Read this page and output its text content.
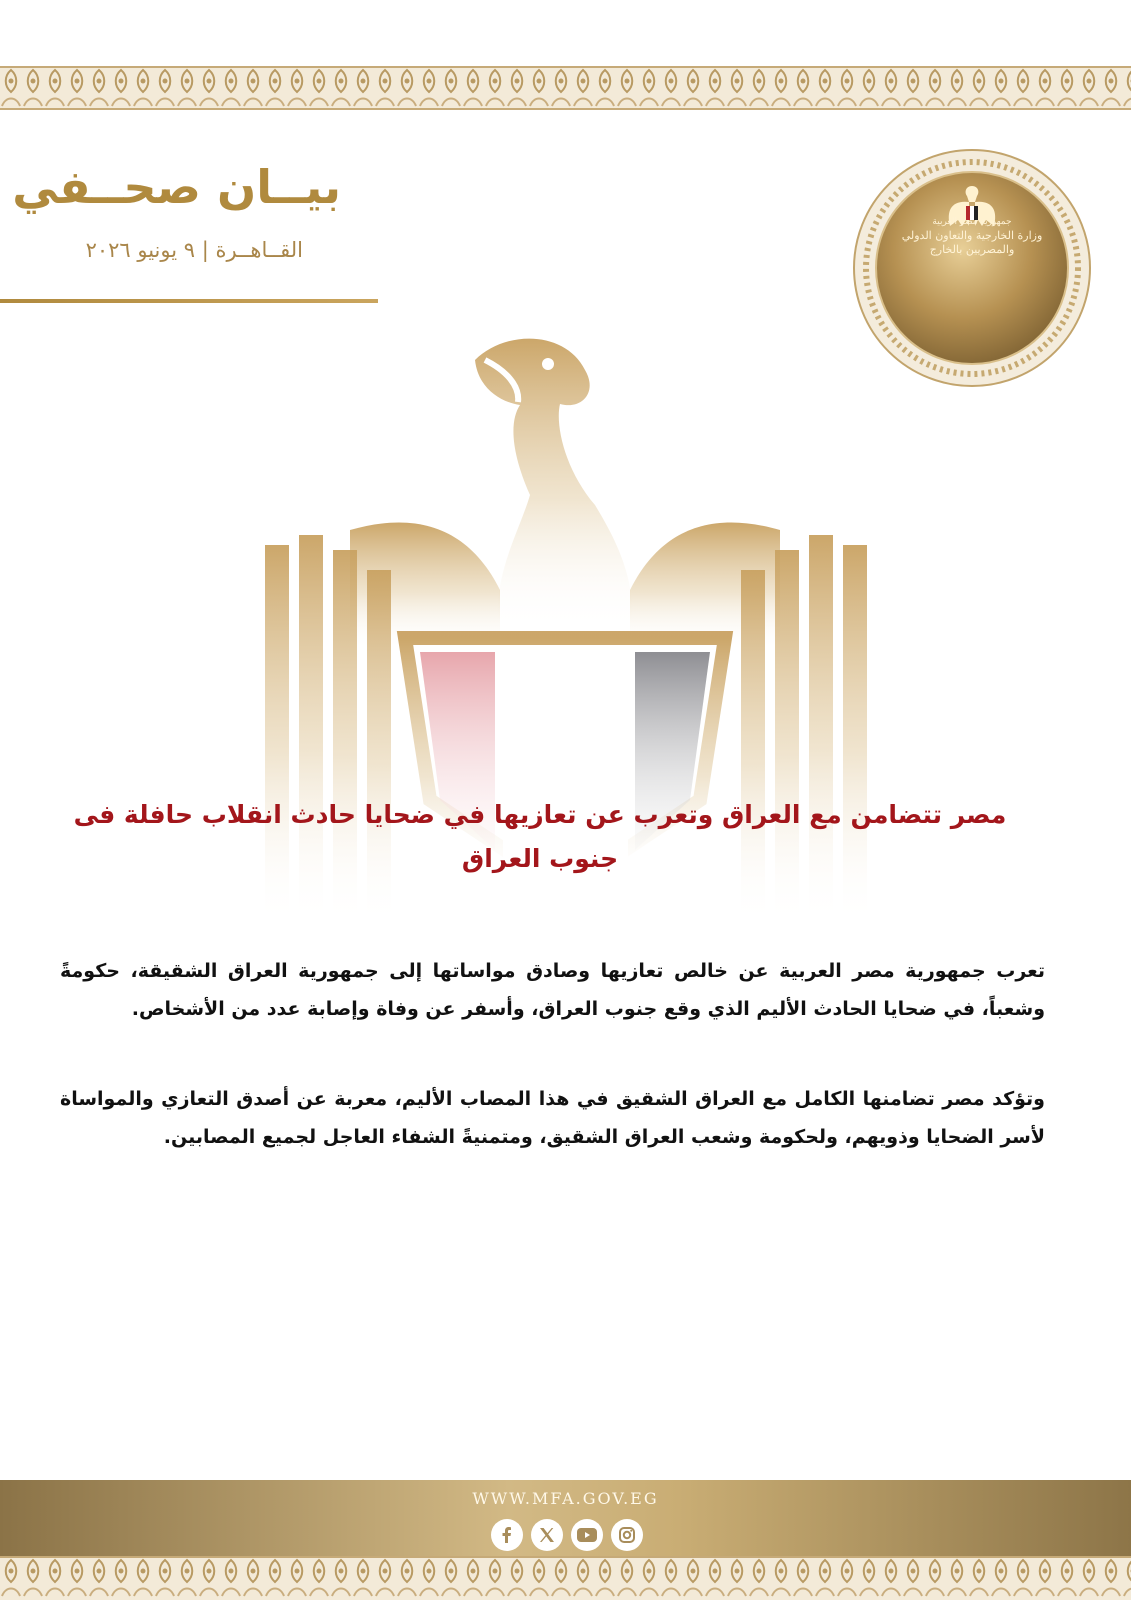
بيــان صحــفي
القــاهــرة | ٩ يونيو ٢٠٢٦
جمهورية مصر العربية
وزارة الخارجية والتعاون الدولي
والمصريين بالخارج
مصر تتضامن مع العراق وتعرب عن تعازيها في ضحايا حادث انقلاب حافلة فى جنوب العراق
تعرب جمهورية مصر العربية عن خالص تعازيها وصادق مواساتها إلى جمهورية العراق الشقيقة، حكومةً وشعباً، في ضحايا الحادث الأليم الذي وقع جنوب العراق، وأسفر عن وفاة وإصابة عدد من الأشخاص.
وتؤكد مصر تضامنها الكامل مع العراق الشقيق في هذا المصاب الأليم، معربة عن أصدق التعازي والمواساة لأسر الضحايا وذويهم، ولحكومة وشعب العراق الشقيق، ومتمنيةً الشفاء العاجل لجميع المصابين.
WWW.MFA.GOV.EG
